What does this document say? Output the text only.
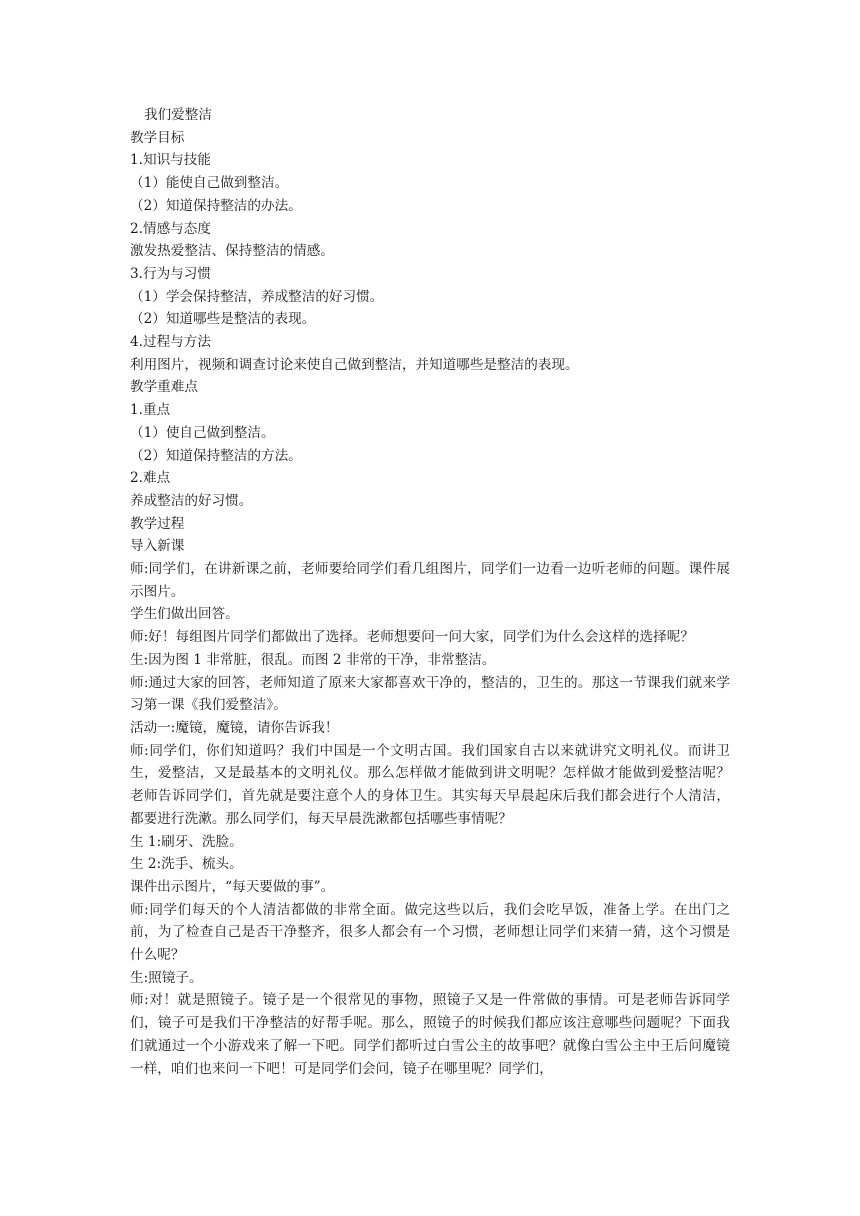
我们爱整洁
教学目标
1.知识与技能
（1）能使自己做到整洁。
（2）知道保持整洁的办法。
2.情感与态度
激发热爱整洁、保持整洁的情感。
3.行为与习惯
（1）学会保持整洁，养成整洁的好习惯。
（2）知道哪些是整洁的表现。
4.过程与方法
利用图片，视频和调查讨论来使自己做到整洁，并知道哪些是整洁的表现。
教学重难点
1.重点
（1）使自己做到整洁。
（2）知道保持整洁的方法。
2.难点
养成整洁的好习惯。
教学过程
导入新课
师:同学们，在讲新课之前，老师要给同学们看几组图片，同学们一边看一边听老师的问题。课件展示图片。
学生们做出回答。
师:好！每组图片同学们都做出了选择。老师想要问一问大家，同学们为什么会这样的选择呢？
生:因为图 1 非常脏，很乱。而图 2 非常的干净，非常整洁。
师:通过大家的回答，老师知道了原来大家都喜欢干净的，整洁的，卫生的。那这一节课我们就来学习第一课《我们爱整洁》。
活动一:魔镜，魔镜，请你告诉我！
师:同学们，你们知道吗？我们中国是一个文明古国。我们国家自古以来就讲究文明礼仪。而讲卫生，爱整洁，又是最基本的文明礼仪。那么怎样做才能做到讲文明呢？怎样做才能做到爱整洁呢？老师告诉同学们，首先就是要注意个人的身体卫生。其实每天早晨起床后我们都会进行个人清洁，都要进行洗漱。那么同学们，每天早晨洗漱都包括哪些事情呢？
生 1:刷牙、洗脸。
生 2:洗手、梳头。
课件出示图片，“每天要做的事”。
师:同学们每天的个人清洁都做的非常全面。做完这些以后，我们会吃早饭，准备上学。在出门之前，为了检查自己是否干净整齐，很多人都会有一个习惯，老师想让同学们来猜一猜，这个习惯是什么呢？
生:照镜子。
师:对！就是照镜子。镜子是一个很常见的事物，照镜子又是一件常做的事情。可是老师告诉同学们，镜子可是我们干净整洁的好帮手呢。那么，照镜子的时候我们都应该注意哪些问题呢？下面我们就通过一个小游戏来了解一下吧。同学们都听过白雪公主的故事吧？就像白雪公主中王后问魔镜一样，咱们也来问一下吧！可是同学们会问，镜子在哪里呢？同学们，
